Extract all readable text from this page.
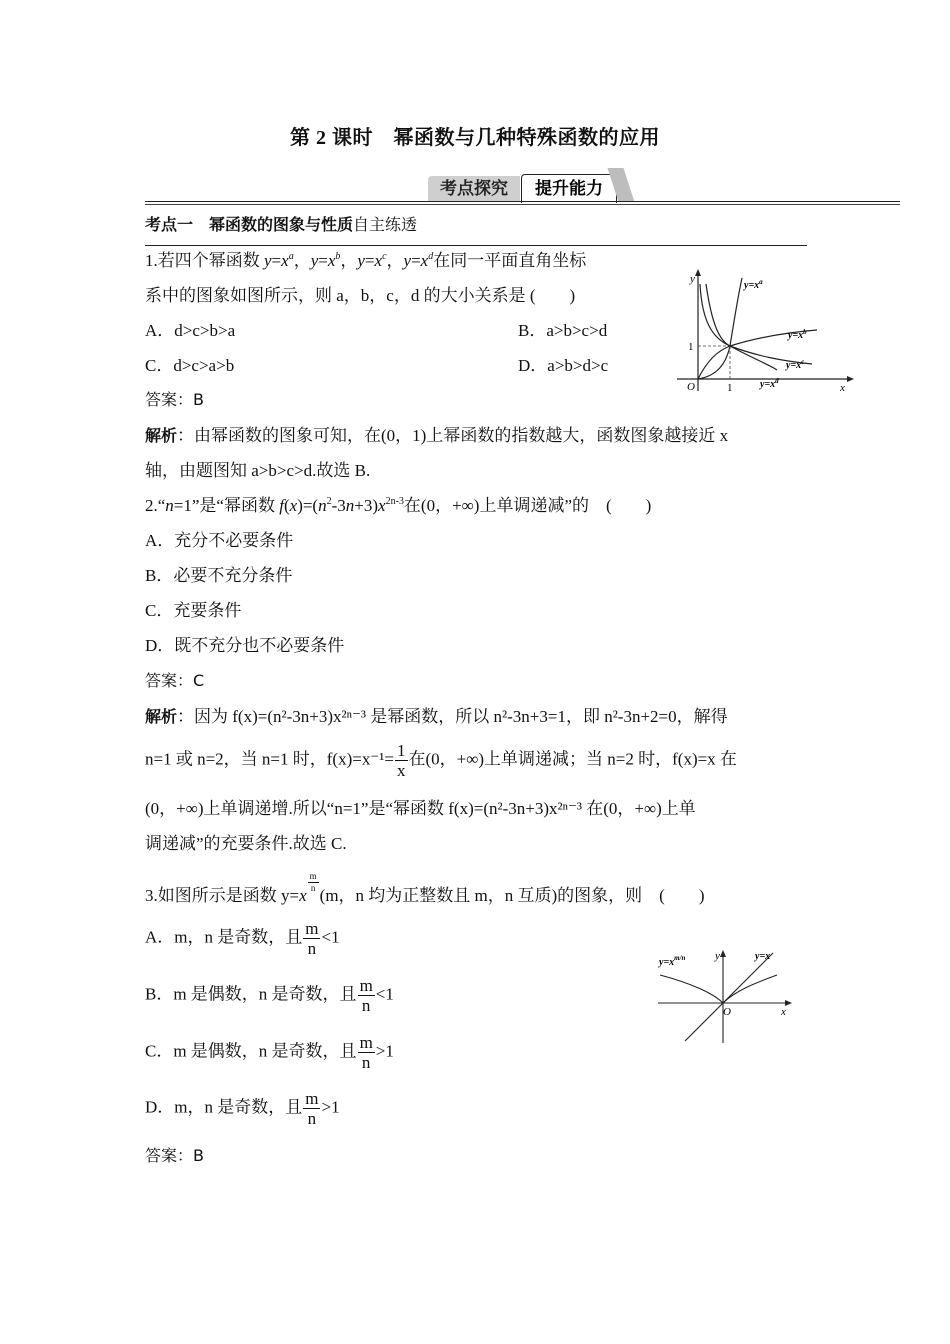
第 2 课时　幂函数与几种特殊函数的应用
考点探究	提升能力
考点一　幂函数的图象与性质自主练透
1.若四个幂函数 $y=x^a$，$y=x^b$，$y=x^c$，$y=x^d$在同一平面直角坐标
系中的图象如图所示，则 a，b，c，d 的大小关系是 (　　)
A．d>c>b>a	B．a>b>c>d
C．d>c>a>b	D．a>b>d>c
答案：B
解析：由幂函数的图象可知，在(0，1)上幂函数的指数越大，函数图象越接近 x
轴，由题图知 a>b>c>d.故选 B.
y
x
O	1
1
$y=x^a$
$y=x^b$
$y=x^c$
$y=x^d$
2.“n=1”是“幂函数 $f(x)=(n^2-3n+3)x^{2n-3}$在(0，+∞)上单调递减”的　(　　)
A．充分不必要条件
B．必要不充分条件
C．充要条件
D．既不充分也不必要条件
答案：C
解析：因为 f(x)=(n²-3n+3)x²ⁿ⁻³ 是幂函数，所以 n²-3n+3=1，即 n²-3n+2=0，解得
n=1 或 n=2，当 n=1 时，$f(x)=x^{-1}= \frac{1}{x}$ 在(0，+∞)上单调递减；当 n=2 时，f(x)=x 在
(0，+∞)上单调递增.所以“n=1”是“幂函数 f(x)=(n²-3n+3)x²ⁿ⁻³ 在(0，+∞)上单
调递减”的充要条件.故选 C.
3.如图所示是函数 y=x
$\frac{m}{n}$
(m，n 均为正整数且 m，n 互质)的图象，则　(　　)
A．m，n 是奇数，且 $\frac{m}{n} <1$
B．m 是偶数，n 是奇数，且 $\frac{m}{n} <1$
C．m 是偶数，n 是奇数，且 $\frac{m}{n} >1$
D．m，n 是奇数，且 $\frac{m}{n} >1$
答案：B
y
x
O
$y=x^{m/n}$	y=x
